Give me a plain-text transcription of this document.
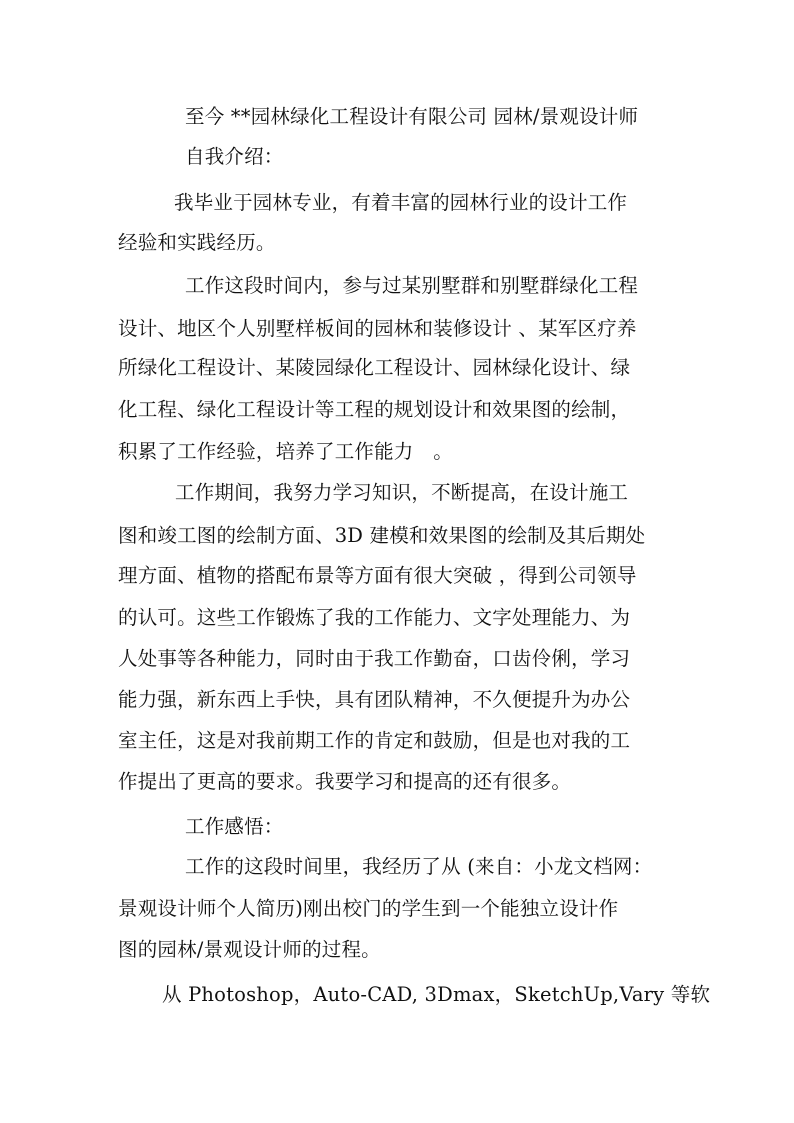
至今 **园林绿化工程设计有限公司 园林/景观设计师
自我介绍：
我毕业于园林专业，有着丰富的园林行业的设计工作
经验和实践经历。
工作这段时间内，参与过某别墅群和别墅群绿化工程
设计、地区个人别墅样板间的园林和装修设计 、某军区疗养
所绿化工程设计、某陵园绿化工程设计、园林绿化设计、绿
化工程、绿化工程设计等工程的规划设计和效果图的绘制，
积累了工作经验，培养了工作能力　。
工作期间，我努力学习知识，不断提高，在设计施工
图和竣工图的绘制方面、3D 建模和效果图的绘制及其后期处
理方面、植物的搭配布景等方面有很大突破 ，得到公司领导
的认可。这些工作锻炼了我的工作能力、文字处理能力、为
人处事等各种能力，同时由于我工作勤奋，口齿伶俐，学习
能力强，新东西上手快，具有团队精神，不久便提升为办公
室主任，这是对我前期工作的肯定和鼓励，但是也对我的工
作提出了更高的要求。我要学习和提高的还有很多。
工作感悟：
工作的这段时间里，我经历了从 (来自：小龙文档网：
景观设计师个人简历)刚出校门的学生到一个能独立设计作
图的园林/景观设计师的过程。
从 Photoshop，Auto-CAD, 3Dmax，SketchUp,Vary 等软
